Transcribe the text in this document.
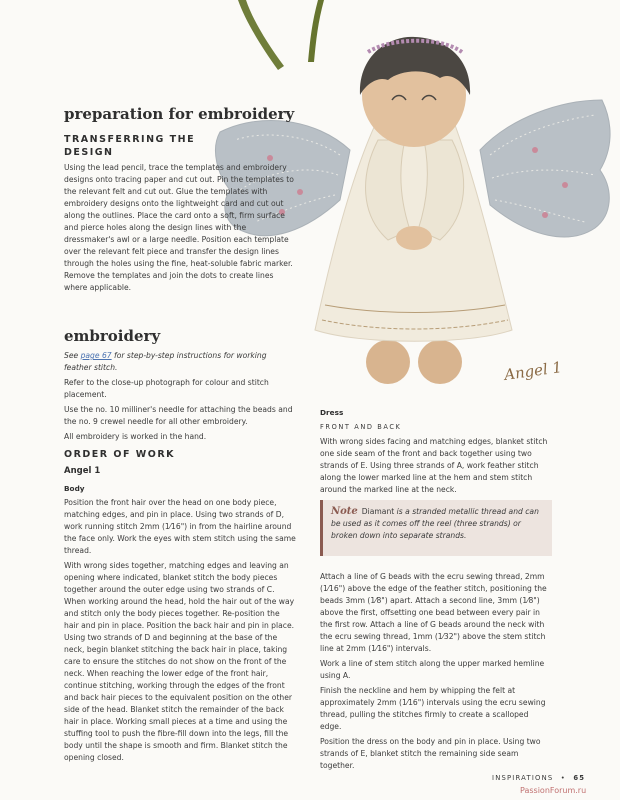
Angel 1
preparation for embroidery
TRANSFERRING THE DESIGN
Using the lead pencil, trace the templates and embroidery designs onto tracing paper and cut out. Pin the templates to the relevant felt and cut out. Glue the templates with embroidery designs onto the lightweight card and cut out along the outlines. Place the card onto a soft, firm surface and pierce holes along the design lines with the dressmaker's awl or a large needle. Position each template over the relevant felt piece and transfer the design lines through the holes using the fine, heat-soluble fabric marker. Remove the templates and join the dots to create lines where applicable.
embroidery

See page 67 for step-by-step instructions for working feather stitch.

Refer to the close-up photograph for colour and stitch placement.

Use the no. 10 milliner's needle for attaching the beads and the no. 9 crewel needle for all other embroidery.

All embroidery is worked in the hand.

ORDER OF WORK
Angel 1
Body

Position the front hair over the head on one body piece, matching edges, and pin in place. Using two strands of D, work running stitch 2mm (1⁄16") in from the hairline around the face only. Work the eyes with stem stitch using the same thread.

With wrong sides together, matching edges and leaving an opening where indicated, blanket stitch the body pieces together around the outer edge using two strands of C. When working around the head, hold the hair out of the way and stitch only the body pieces together. Re-position the hair and pin in place. Position the back hair and pin in place. Using two strands of D and beginning at the base of the neck, begin blanket stitching the back hair in place, taking care to ensure the stitches do not show on the front of the neck. When reaching the lower edge of the front hair, continue stitching, working through the edges of the front and back hair pieces to the equivalent position on the other side of the head. Blanket stitch the remainder of the back hair in place. Working small pieces at a time and using the stuffing tool to push the fibre-fill down into the legs, fill the body until the shape is smooth and firm. Blanket stitch the opening closed.

Dress
FRONT AND BACK
With wrong sides facing and matching edges, blanket stitch one side seam of the front and back together using two strands of E. Using three strands of A, work feather stitch along the lower marked line at the hem and stem stitch around the marked line at the neck.
Note Diamant is a stranded metallic thread and can be used as it comes off the reel (three strands) or broken down into separate strands.

Attach a line of G beads with the ecru sewing thread, 2mm (1⁄16") above the edge of the feather stitch, positioning the beads 3mm (1⁄8") apart. Attach a second line, 3mm (1⁄8") above the first, offsetting one bead between every pair in the first row. Attach a line of G beads around the neck with the ecru sewing thread, 1mm (1⁄32") above the stem stitch line at 2mm (1⁄16") intervals.

Work a line of stem stitch along the upper marked hemline using A.

Finish the neckline and hem by whipping the felt at approximately 2mm (1⁄16") intervals using the ecru sewing thread, pulling the stitches firmly to create a scalloped edge.

Position the dress on the body and pin in place. Using two strands of E, blanket stitch the remaining side seam together.

INSPIRATIONS • 65
PassionForum.ru
